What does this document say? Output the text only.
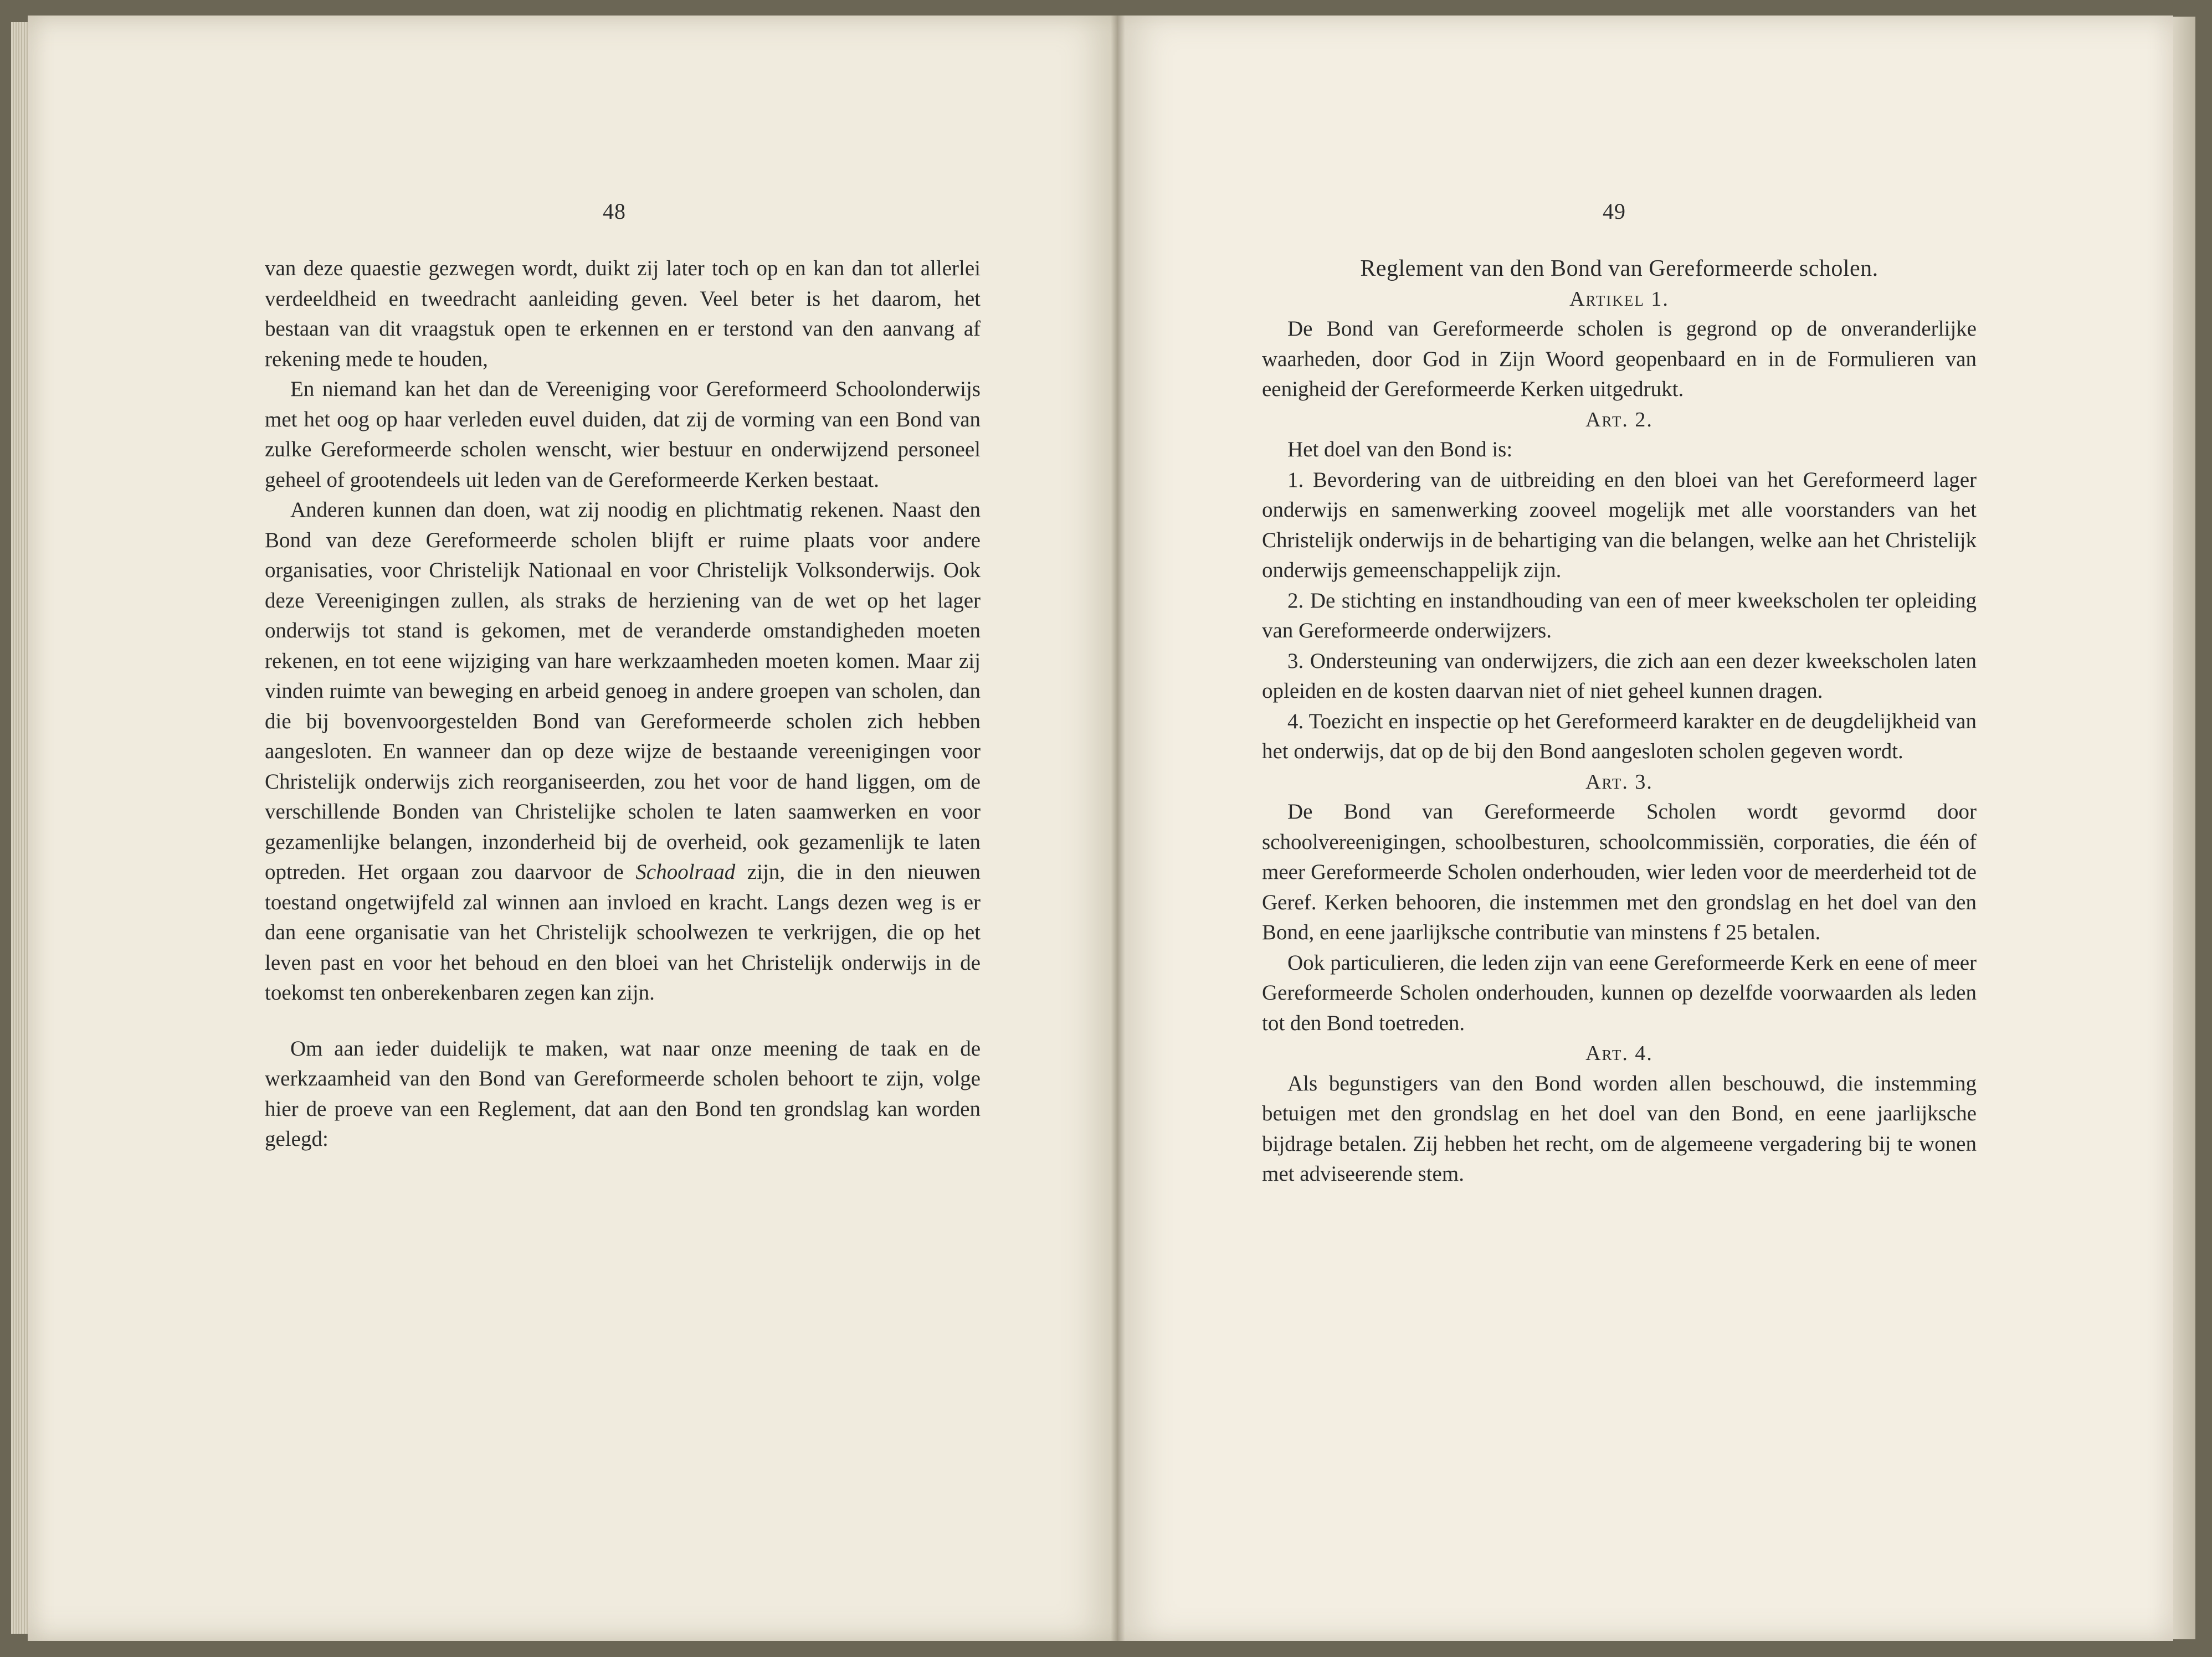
48

van deze quaestie gezwegen wordt, duikt zij later toch op en kan dan tot allerlei verdeeldheid en tweedracht aanleiding geven. Veel beter is het daarom, het bestaan van dit vraagstuk open te erkennen en er terstond van den aanvang af rekening mede te houden,

En niemand kan het dan de Vereeniging voor Gereformeerd Schoolonderwijs met het oog op haar verleden euvel duiden, dat zij de vorming van een Bond van zulke Gereformeerde scholen wenscht, wier bestuur en onderwijzend personeel geheel of grootendeels uit leden van de Gereformeerde Kerken bestaat.

Anderen kunnen dan doen, wat zij noodig en plichtmatig rekenen. Naast den Bond van deze Gereformeerde scholen blijft er ruime plaats voor andere organisaties, voor Christelijk Nationaal en voor Christelijk Volksonderwijs. Ook deze Vereenigingen zullen, als straks de herziening van de wet op het lager onderwijs tot stand is gekomen, met de veranderde omstandigheden moeten rekenen, en tot eene wijziging van hare werkzaamheden moeten komen. Maar zij vinden ruimte van beweging en arbeid genoeg in andere groepen van scholen, dan die bij bovenvoorgestelden Bond van Gereformeerde scholen zich hebben aangesloten. En wanneer dan op deze wijze de bestaande vereenigingen voor Christelijk onderwijs zich reorganiseerden, zou het voor de hand liggen, om de verschillende Bonden van Christelijke scholen te laten saamwerken en voor gezamenlijke belangen, inzonderheid bij de overheid, ook gezamenlijk te laten optreden. Het orgaan zou daarvoor de Schoolraad zijn, die in den nieuwen toestand ongetwijfeld zal winnen aan invloed en kracht. Langs dezen weg is er dan eene organisatie van het Christelijk schoolwezen te verkrijgen, die op het leven past en voor het behoud en den bloei van het Christelijk onderwijs in de toekomst ten onberekenbaren zegen kan zijn.

Om aan ieder duidelijk te maken, wat naar onze meening de taak en de werkzaamheid van den Bond van Gereformeerde scholen behoort te zijn, volge hier de proeve van een Reglement, dat aan den Bond ten grondslag kan worden gelegd:

49

Reglement van den Bond van Gereformeerde scholen.

Artikel 1.

De Bond van Gereformeerde scholen is gegrond op de onveranderlijke waarheden, door God in Zijn Woord geopenbaard en in de Formulieren van eenigheid der Gereformeerde Kerken uitgedrukt.

Art. 2.

Het doel van den Bond is:

1. Bevordering van de uitbreiding en den bloei van het Gereformeerd lager onderwijs en samenwerking zooveel mogelijk met alle voorstanders van het Christelijk onderwijs in de behartiging van die belangen, welke aan het Christelijk onderwijs gemeenschappelijk zijn.

2. De stichting en instandhouding van een of meer kweekscholen ter opleiding van Gereformeerde onderwijzers.

3. Ondersteuning van onderwijzers, die zich aan een dezer kweekscholen laten opleiden en de kosten daarvan niet of niet geheel kunnen dragen.

4. Toezicht en inspectie op het Gereformeerd karakter en de deugdelijkheid van het onderwijs, dat op de bij den Bond aangesloten scholen gegeven wordt.

Art. 3.

De Bond van Gereformeerde Scholen wordt gevormd door schoolvereenigingen, schoolbesturen, schoolcommissiën, corporaties, die één of meer Gereformeerde Scholen onderhouden, wier leden voor de meerderheid tot de Geref. Kerken behooren, die instemmen met den grondslag en het doel van den Bond, en eene jaarlijksche contributie van minstens f 25 betalen.

Ook particulieren, die leden zijn van eene Gereformeerde Kerk en eene of meer Gereformeerde Scholen onderhouden, kunnen op dezelfde voorwaarden als leden tot den Bond toetreden.

Art. 4.

Als begunstigers van den Bond worden allen beschouwd, die instemming betuigen met den grondslag en het doel van den Bond, en eene jaarlijksche bijdrage betalen. Zij hebben het recht, om de algemeene vergadering bij te wonen met adviseerende stem.
